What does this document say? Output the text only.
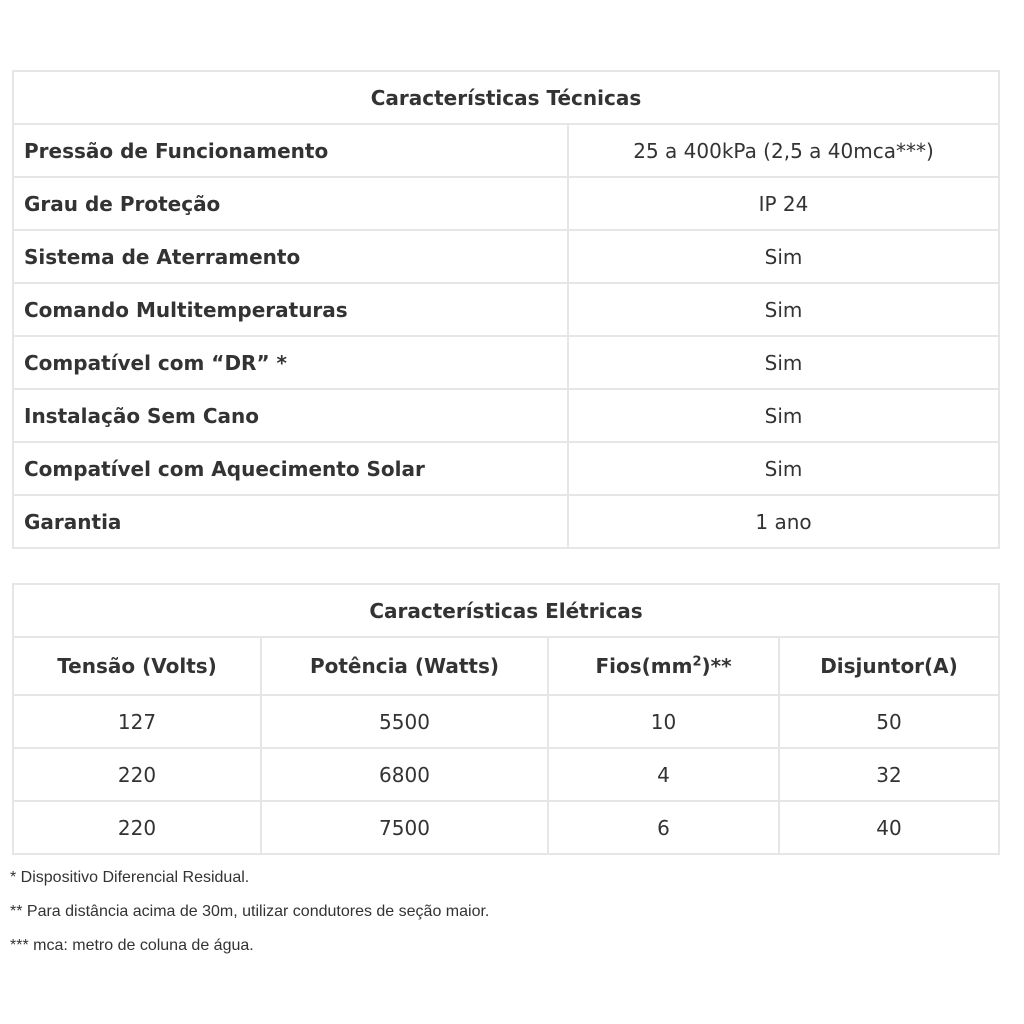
Características Técnicas	
Pressão de Funcionamento	25 a 400kPa (2,5 a 40mca***)
Grau de Proteção	IP 24
Sistema de Aterramento	Sim
Comando Multitemperaturas	Sim
Compatível com “DR” *	Sim
Instalação Sem Cano	Sim
Compatível com Aquecimento Solar	Sim
Garantia	1 ano
Características Elétricas			
Tensão (Volts)	Potência (Watts)	$Fios(mm^2)**$	Disjuntor(A)
127	5500	10	50
220	6800	4	32
220	7500	6	40
* Dispositivo Diferencial Residual.
** Para distância acima de 30m, utilizar condutores de seção maior.
*** mca: metro de coluna de água.
